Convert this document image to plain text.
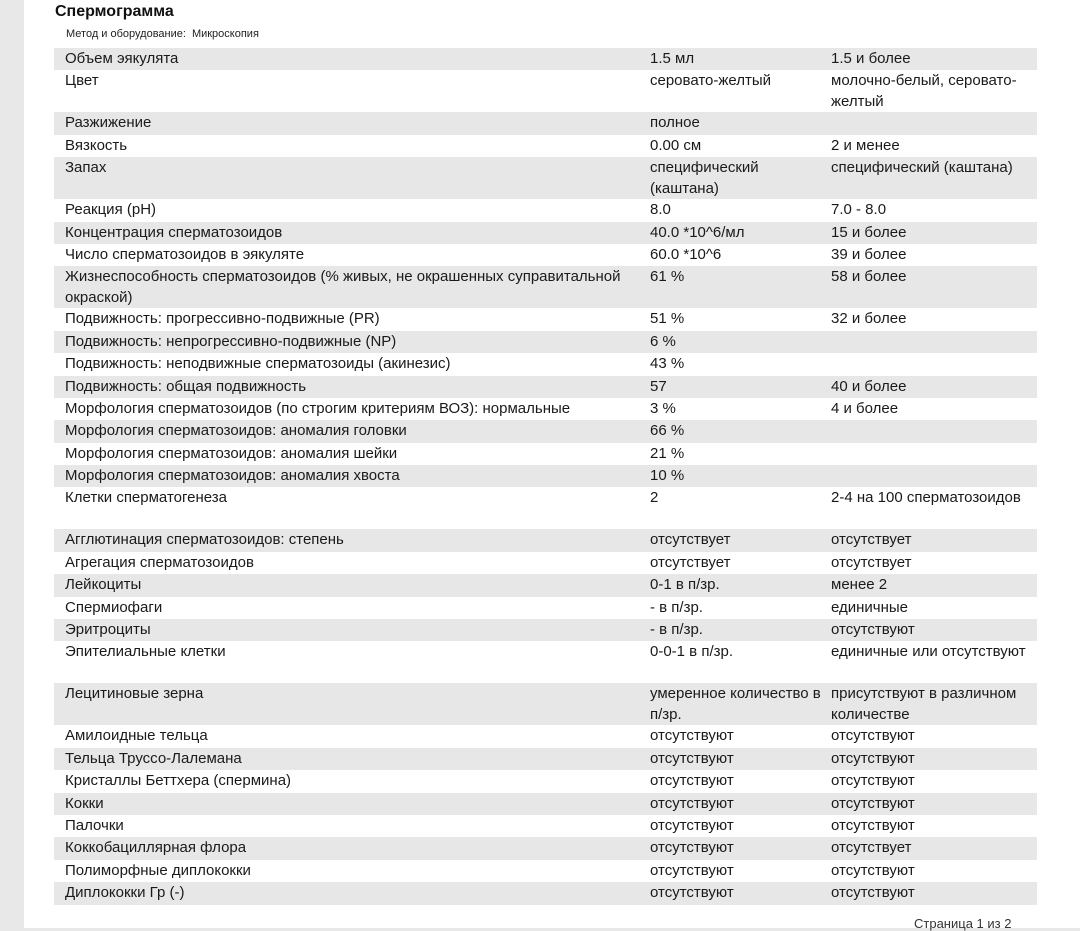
Спермограмма
Метод и оборудование: Микроскопия
Объем эякулята	1.5 мл	1.5 и более
Цвет	серовато-желтый	молочно-белый, серовато-желтый
Разжижение	полное	
Вязкость	0.00 см	2 и менее
Запах	специфический (каштана)	специфический (каштана)
Реакция (pH)	8.0	7.0 - 8.0
Концентрация сперматозоидов	40.0 *10^6/мл	15 и более
Число сперматозоидов в эякуляте	60.0 *10^6	39 и более
Жизнеспособность сперматозоидов (% живых, не окрашенных суправитальной окраской)	61 %	58 и более
Подвижность: прогрессивно-подвижные (PR)	51 %	32 и более
Подвижность: непрогрессивно-подвижные (NP)	6 %	
Подвижность: неподвижные сперматозоиды (акинезис)	43 %	
Подвижность: общая подвижность	57	40 и более
Морфология сперматозоидов (по строгим критериям ВОЗ): нормальные	3 %	4 и более
Морфология сперматозоидов: аномалия головки	66 %	
Морфология сперматозоидов: аномалия шейки	21 %	
Морфология сперматозоидов: аномалия хвоста	10 %	
Клетки сперматогенеза	2	2-4 на 100 сперматозоидов
Агглютинация сперматозоидов: степень	отсутствует	отсутствует
Агрегация сперматозоидов	отсутствует	отсутствует
Лейкоциты	0-1 в п/зр.	менее 2
Спермиофаги	- в п/зр.	единичные
Эритроциты	- в п/зр.	отсутствуют
Эпителиальные клетки	0-0-1 в п/зр.	единичные или отсутствуют
Лецитиновые зерна	умеренное количество в п/зр.	присутствуют в различном количестве
Амилоидные тельца	отсутствуют	отсутствуют
Тельца Труссо-Лалемана	отсутствуют	отсутствуют
Кристаллы Беттхера (спермина)	отсутствуют	отсутствуют
Кокки	отсутствуют	отсутствуют
Палочки	отсутствуют	отсутствуют
Коккобациллярная флора	отсутствуют	отсутствует
Полиморфные диплококки	отсутствуют	отсутствуют
Диплококки Гр (-)	отсутствуют	отсутствуют
Страница 1 из 2
